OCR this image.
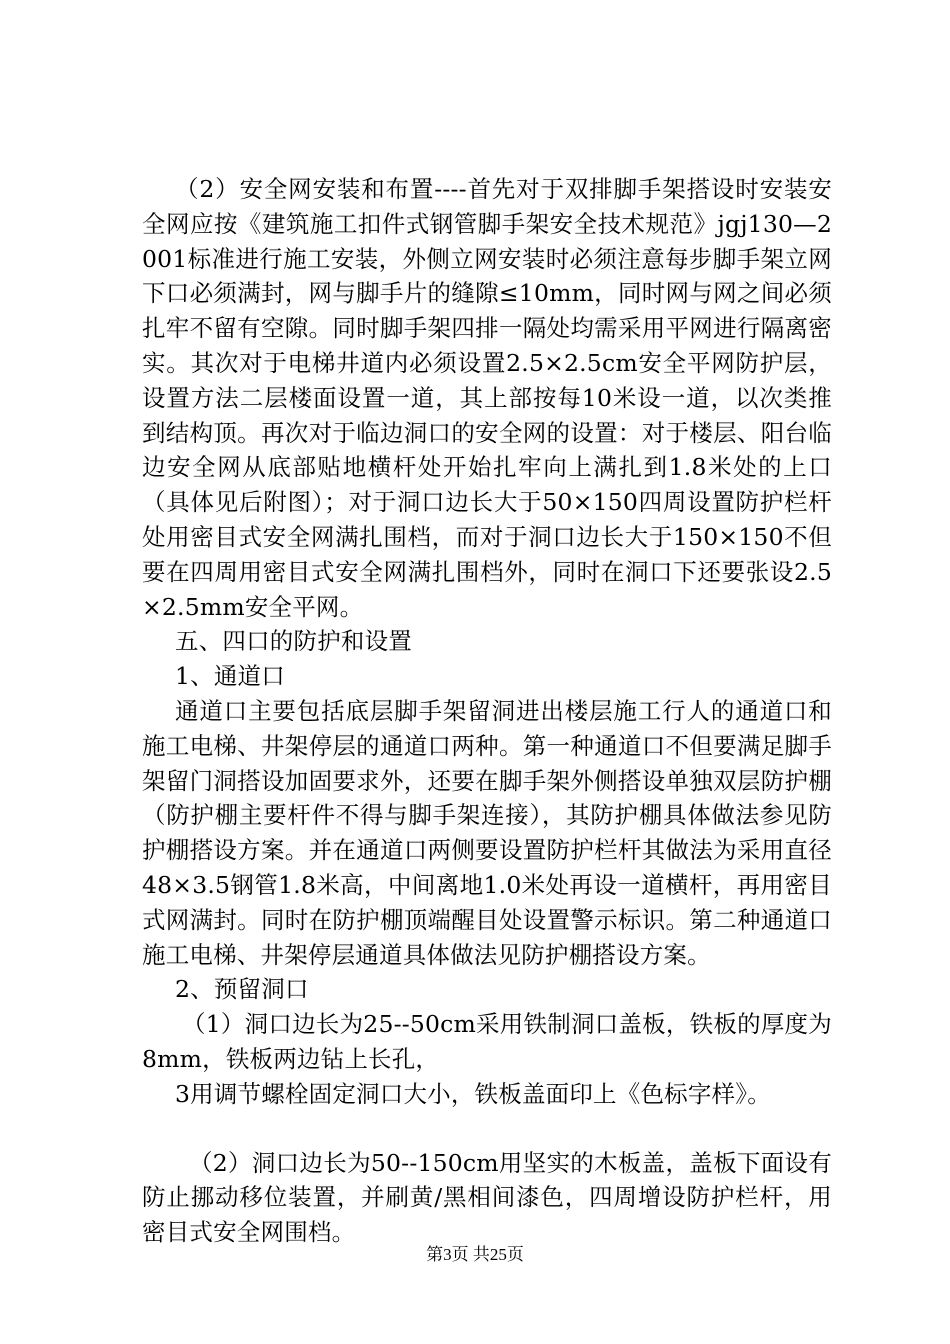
（2）安全网安装和布置----首先对于双排脚手架搭设时安装安全网应按《建筑施工扣件式钢管脚手架安全技术规范》jgj130—2001标准进行施工安装，外侧立网安装时必须注意每步脚手架立网下口必须满封，网与脚手片的缝隙≤10mm，同时网与网之间必须扎牢不留有空隙。同时脚手架四排一隔处均需采用平网进行隔离密实。其次对于电梯井道内必须设置2.5×2.5cm安全平网防护层，设置方法二层楼面设置一道，其上部按每10米设一道，以次类推到结构顶。再次对于临边洞口的安全网的设置：对于楼层、阳台临边安全网从底部贴地横杆处开始扎牢向上满扎到1.8米处的上口（具体见后附图）；对于洞口边长大于50×150四周设置防护栏杆处用密目式安全网满扎围档，而对于洞口边长大于150×150不但要在四周用密目式安全网满扎围档外，同时在洞口下还要张设2.5×2.5mm安全平网。

五、四口的防护和设置

1、通道口

通道口主要包括底层脚手架留洞进出楼层施工行人的通道口和施工电梯、井架停层的通道口两种。第一种通道口不但要满足脚手架留门洞搭设加固要求外，还要在脚手架外侧搭设单独双层防护棚（防护棚主要杆件不得与脚手架连接），其防护棚具体做法参见防护棚搭设方案。并在通道口两侧要设置防护栏杆其做法为采用直径48×3.5钢管1.8米高，中间离地1.0米处再设一道横杆，再用密目式网满封。同时在防护棚顶端醒目处设置警示标识。第二种通道口施工电梯、井架停层通道具体做法见防护棚搭设方案。

2、预留洞口

（1）洞口边长为25--50cm采用铁制洞口盖板，铁板的厚度为8mm，铁板两边钻上长孔，

3用调节螺栓固定洞口大小，铁板盖面印上《色标字样》。

（2）洞口边长为50--150cm用坚实的木板盖，盖板下面设有防止挪动移位装置，并刷黄/黑相间漆色，四周增设防护栏杆，用密目式安全网围档。

第3页 共25页
